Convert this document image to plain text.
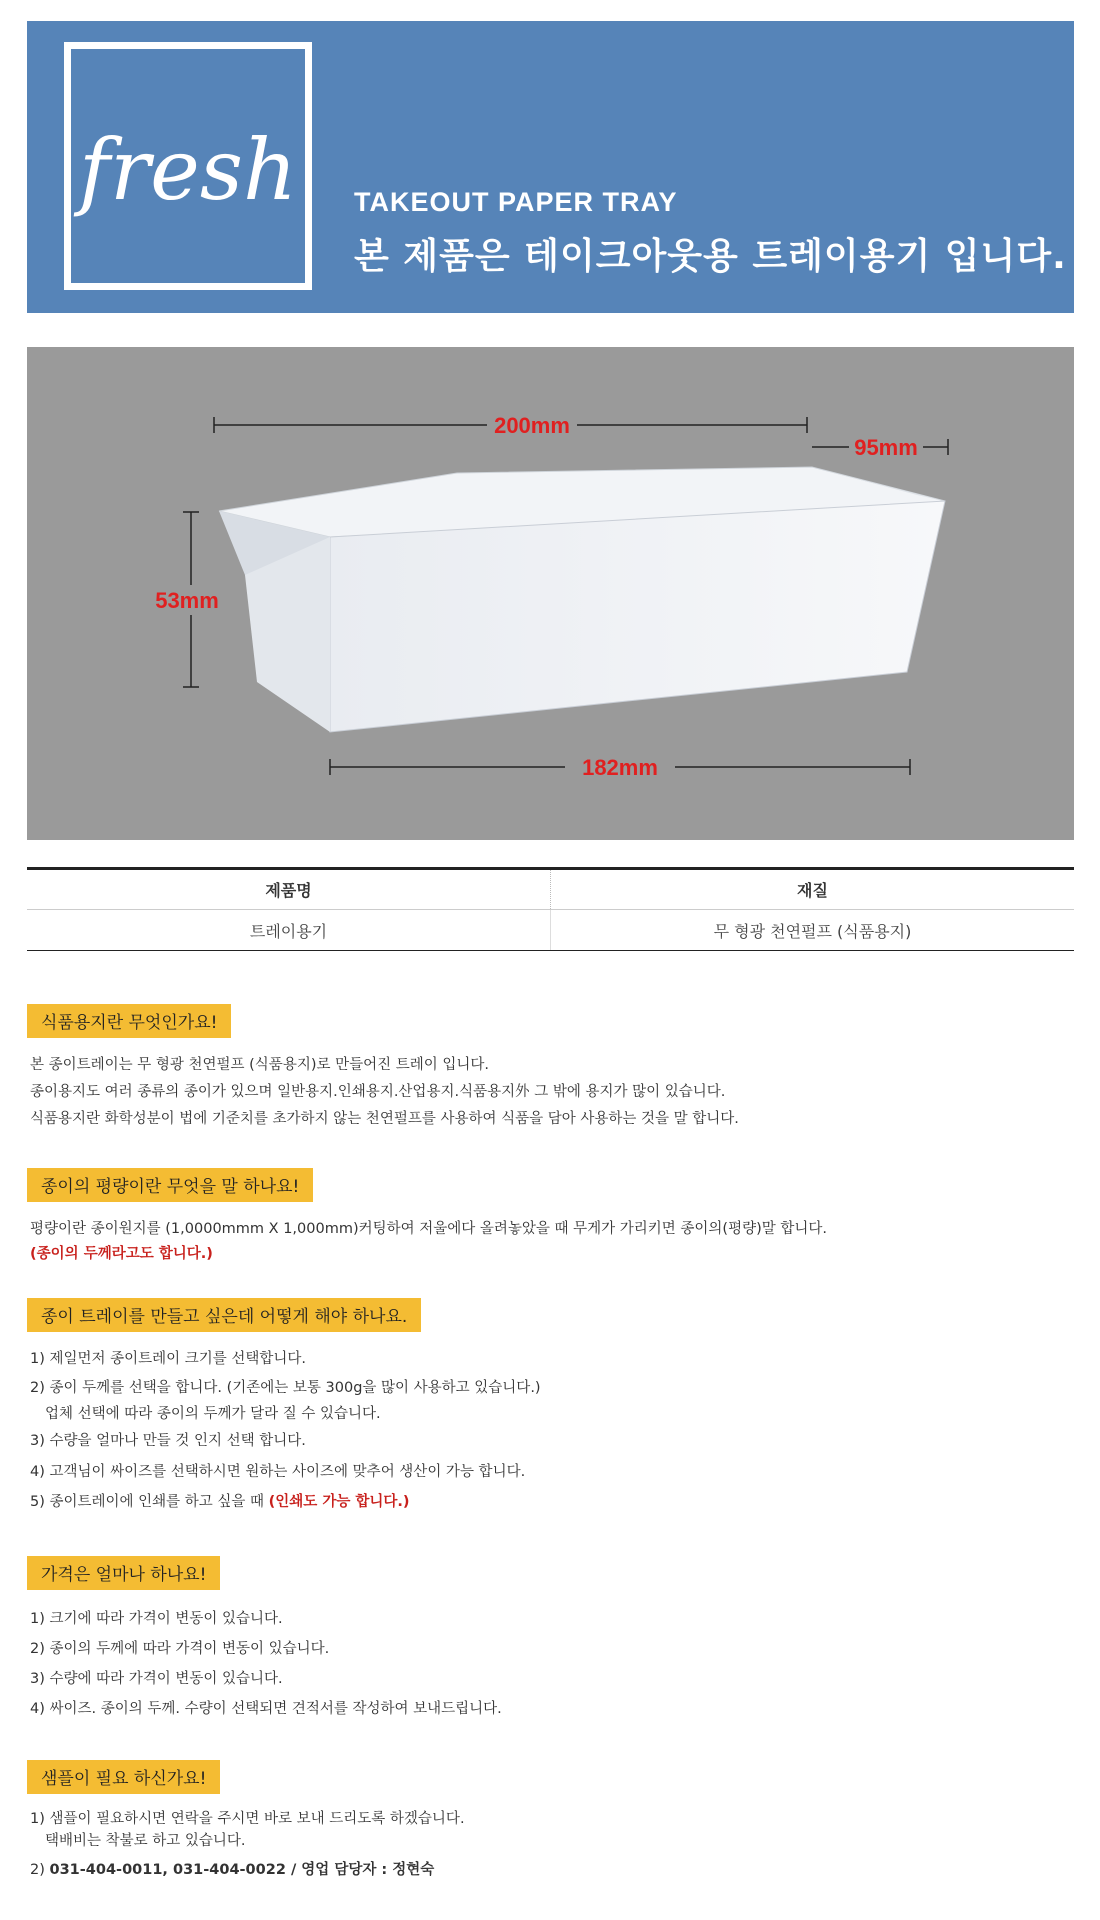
fresh TAKEOUT PAPER TRAY
본 제품은 테이크아웃용 트레이용기 입니다.
200mm
95mm
53mm
182mm
제품명	재질
트레이용기	무 형광 천연펄프 (식품용지)
식품용지란 무엇인가요!
본 종이트레이는 무 형광 천연펄프 (식품용지)로 만들어진 트레이 입니다.
종이용지도 여러 종류의 종이가 있으며 일반용지.인쇄용지.산업용지.식품용지外 그 밖에 용지가 많이 있습니다.
식품용지란 화학성분이 법에 기준치를 초가하지 않는 천연펄프를 사용하여 식품을 담아 사용하는 것을 말 합니다.
종이의 평량이란 무엇을 말 하나요!
평량이란 종이원지를 (1,0000mmm X 1,000mm)커팅하여 저울에다 올려놓았을 때 무게가 가리키면 종이의(평량)말 합니다.
(종이의 두께라고도 합니다.)
종이 트레이를 만들고 싶은데 어떻게 해야 하나요.
1) 제일먼저 종이트레이 크기를 선택합니다.
2) 종이 두께를 선택을 합니다. (기존에는 보통 300g을 많이 사용하고 있습니다.)
업체 선택에 따라 종이의 두께가 달라 질 수 있습니다.
3) 수량을 얼마나 만들 것 인지 선택 합니다.
4) 고객님이 싸이즈를 선택하시면 원하는 사이즈에 맞추어 생산이 가능 합니다.
5) 종이트레이에 인쇄를 하고 싶을 때 (인쇄도 가능 합니다.)
가격은 얼마나 하나요!
1) 크기에 따라 가격이 변동이 있습니다.
2) 종이의 두께에 따라 가격이 변동이 있습니다.
3) 수량에 따라 가격이 변동이 있습니다.
4) 싸이즈. 종이의 두께. 수량이 선택되면 견적서를 작성하여 보내드립니다.
샘플이 필요 하신가요!
1) 샘플이 필요하시면 연락을 주시면 바로 보내 드리도록 하겠습니다.
택배비는 착불로 하고 있습니다.
2) 031-404-0011, 031-404-0022 / 영업 담당자 : 정현숙
